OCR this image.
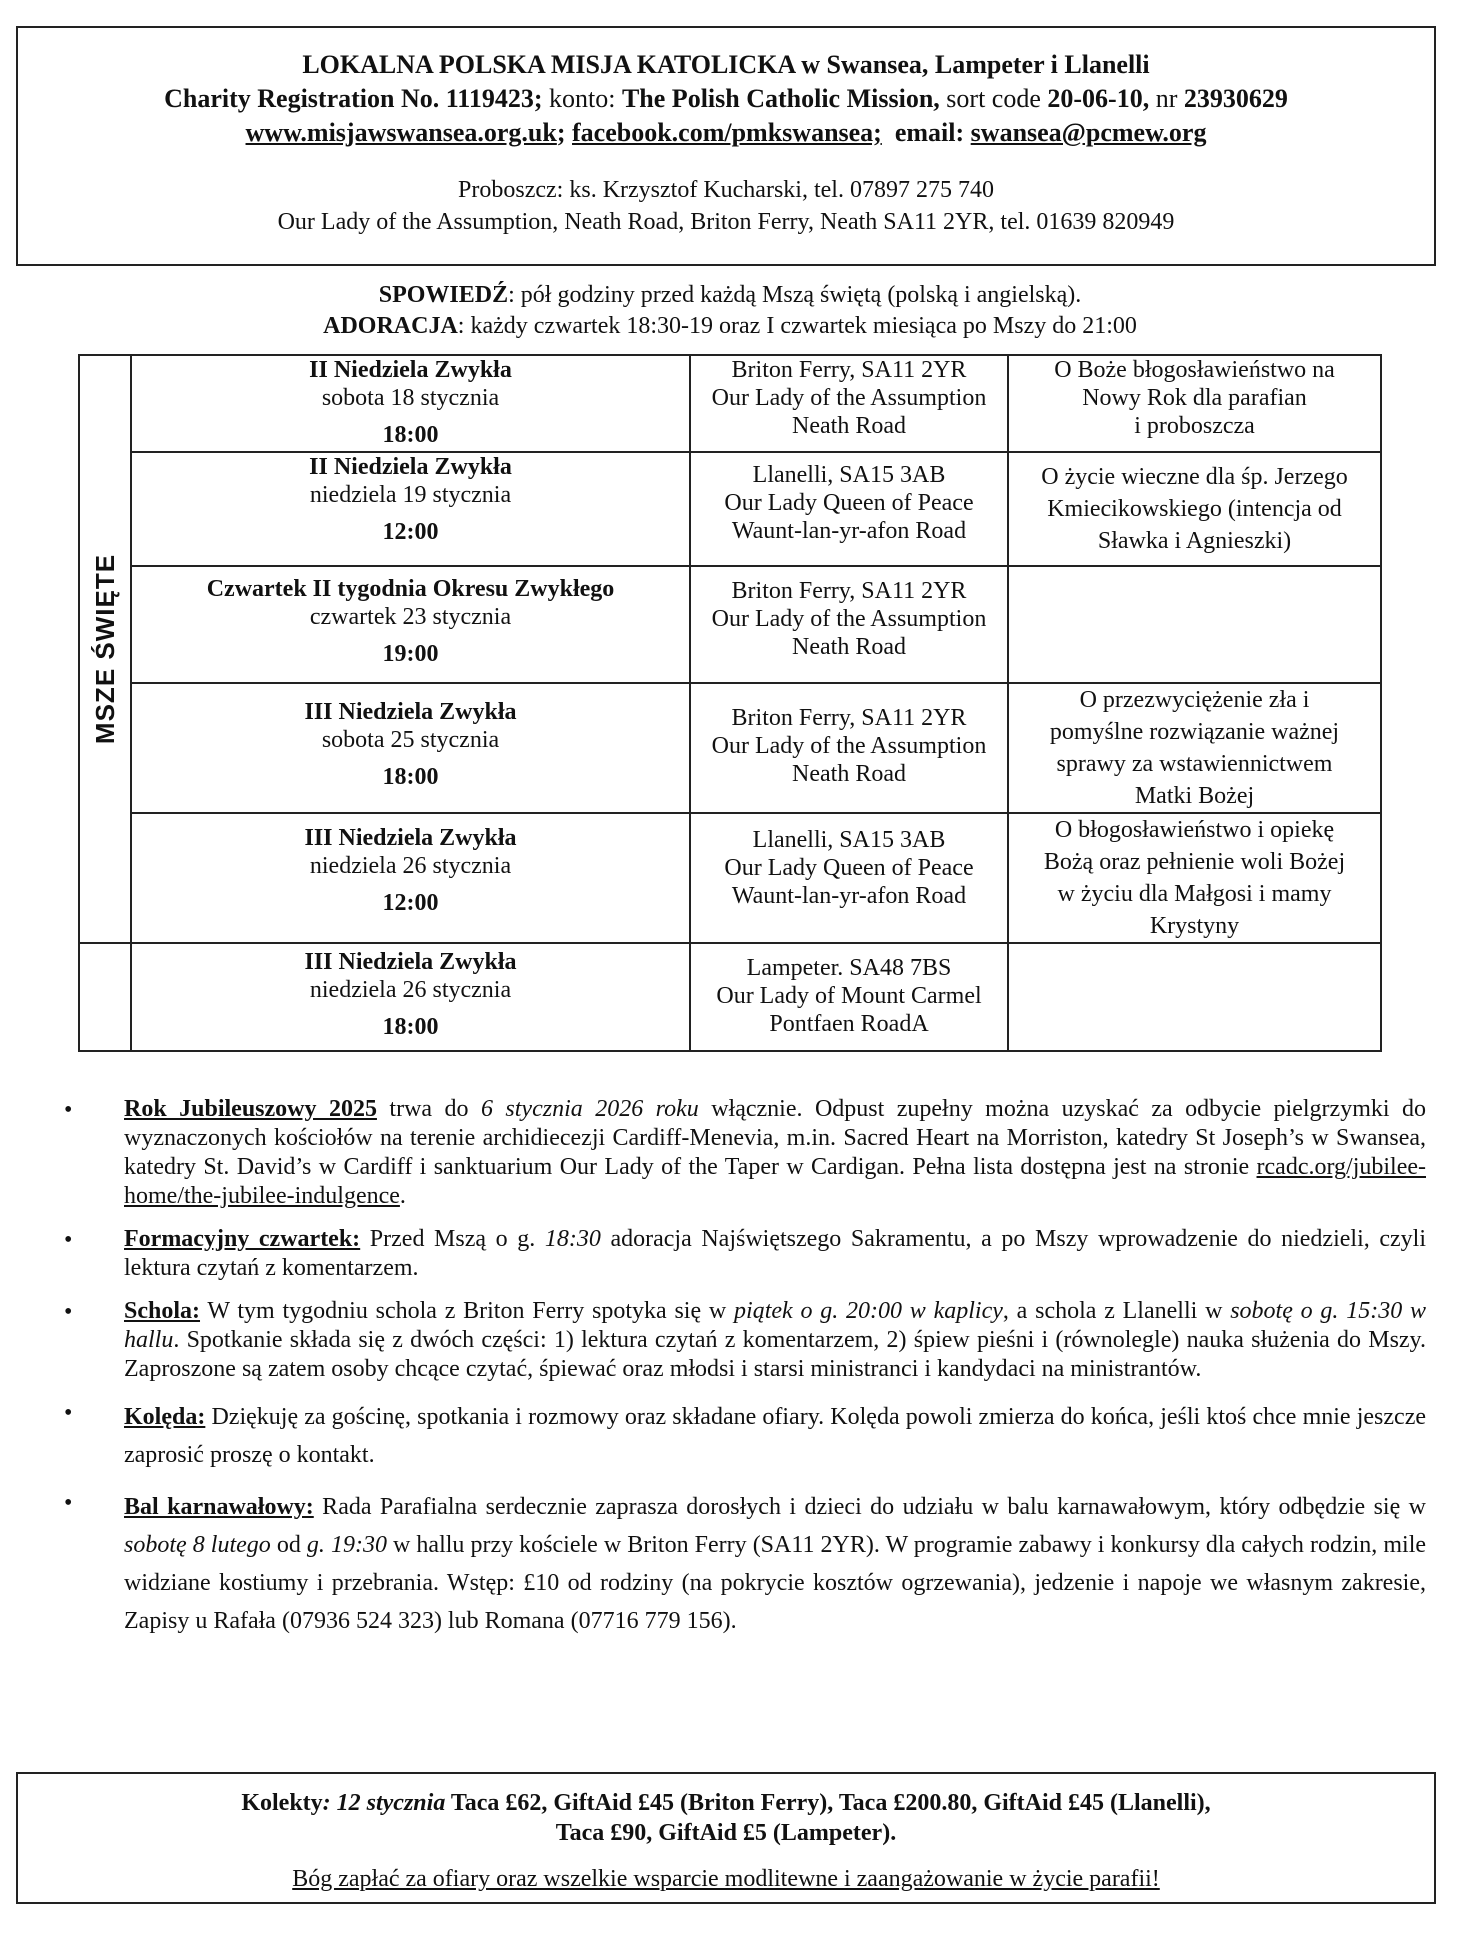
LOKALNA POLSKA MISJA KATOLICKA w Swansea, Lampeter i Llanelli
Charity Registration No. 1119423; konto: The Polish Catholic Mission, sort code 20-06-10, nr 23930629
www.misjawswansea.org.uk; facebook.com/pmkswansea; email: swansea@pcmew.org
Proboszcz: ks. Krzysztof Kucharski, tel. 07897 275 740
Our Lady of the Assumption, Neath Road, Briton Ferry, Neath SA11 2YR, tel. 01639 820949
SPOWIEDŹ: pół godziny przed każdą Mszą świętą (polską i angielską).
ADORACJA: każdy czwartek 18:30-19 oraz I czwartek miesiąca po Mszy do 21:00
MSZE ŚWIĘTE	II Niedziela Zwykła
sobota 18 stycznia
18:00	Briton Ferry, SA11 2YR
Our Lady of the Assumption
Neath Road	O Boże błogosławieństwo na
Nowy Rok dla parafian
i proboszcza

	II Niedziela Zwykła
niedziela 19 stycznia
12:00	Llanelli, SA15 3AB
Our Lady Queen of Peace
Waunt-lan-yr-afon Road	O życie wieczne dla śp. Jerzego
Kmiecikowskiego (intencja od
Sławka i Agnieszki)

	Czwartek II tygodnia Okresu Zwykłego
czwartek 23 stycznia
19:00	Briton Ferry, SA11 2YR
Our Lady of the Assumption
Neath Road	

	III Niedziela Zwykła
sobota 25 stycznia
18:00	Briton Ferry, SA11 2YR
Our Lady of the Assumption
Neath Road	O przezwyciężenie zła i
pomyślne rozwiązanie ważnej
sprawy za wstawiennictwem
Matki Bożej

	III Niedziela Zwykła
niedziela 26 stycznia
12:00	Llanelli, SA15 3AB
Our Lady Queen of Peace
Waunt-lan-yr-afon Road	O błogosławieństwo i opiekę
Bożą oraz pełnienie woli Bożej
w życiu dla Małgosi i mamy
Krystyny

	III Niedziela Zwykła
niedziela 26 stycznia
18:00	Lampeter. SA48 7BS
Our Lady of Mount Carmel
Pontfaen RoadA	

• Rok Jubileuszowy 2025 trwa do 6 stycznia 2026 roku włącznie. Odpust zupełny można uzyskać za odbycie pielgrzymki do wyznaczonych kościołów na terenie archidiecezji Cardiff-Menevia, m.in. Sacred Heart na Morriston, katedry St Joseph’s w Swansea, katedry St. David’s w Cardiff i sanktuarium Our Lady of the Taper w Cardigan. Pełna lista dostępna jest na stronie rcadc.org/jubilee-home/the-jubilee-indulgence.
• Formacyjny czwartek: Przed Mszą o g. 18:30 adoracja Najświętszego Sakramentu, a po Mszy wprowadzenie do niedzieli, czyli lektura czytań z komentarzem.
• Schola: W tym tygodniu schola z Briton Ferry spotyka się w piątek o g. 20:00 w kaplicy, a schola z Llanelli w sobotę o g. 15:30 w hallu. Spotkanie składa się z dwóch części: 1) lektura czytań z komentarzem, 2) śpiew pieśni i (równolegle) nauka służenia do Mszy. Zaproszone są zatem osoby chcące czytać, śpiewać oraz młodsi i starsi ministranci i kandydaci na ministrantów.
• Kolęda: Dziękuję za gościnę, spotkania i rozmowy oraz składane ofiary. Kolęda powoli zmierza do końca, jeśli ktoś chce mnie jeszcze zaprosić proszę o kontakt.
• Bal karnawałowy: Rada Parafialna serdecznie zaprasza dorosłych i dzieci do udziału w balu karnawałowym, który odbędzie się w sobotę 8 lutego od g. 19:30 w hallu przy kościele w Briton Ferry (SA11 2YR). W programie zabawy i konkursy dla całych rodzin, mile widziane kostiumy i przebrania. Wstęp: £10 od rodziny (na pokrycie kosztów ogrzewania), jedzenie i napoje we własnym zakresie, Zapisy u Rafała (07936 524 323) lub Romana (07716 779 156).
Kolekty: 12 stycznia Taca £62, GiftAid £45 (Briton Ferry), Taca £200.80, GiftAid £45 (Llanelli),
Taca £90, GiftAid £5 (Lampeter).
Bóg zapłać za ofiary oraz wszelkie wsparcie modlitewne i zaangażowanie w życie parafii!
